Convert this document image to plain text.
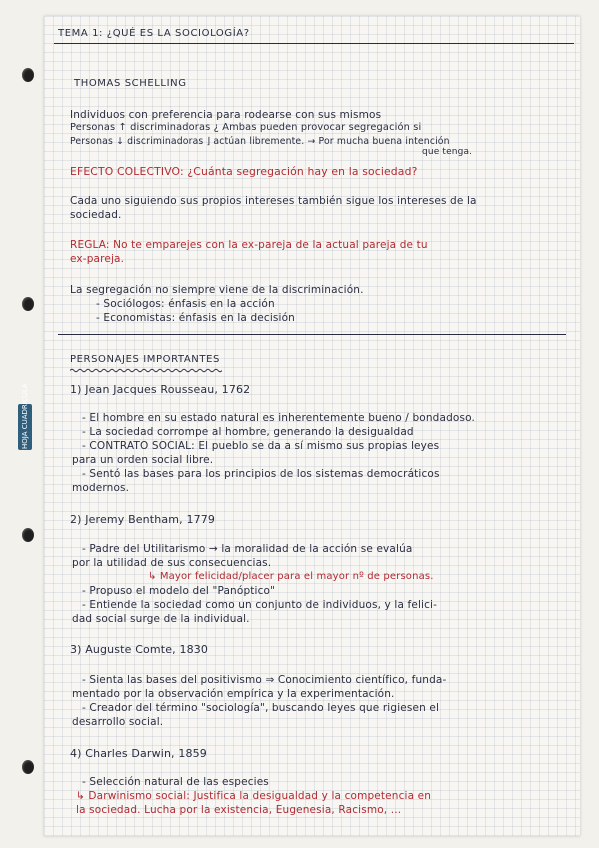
HOJA CUADRÍCULA
TEMA 1: ¿QUÉ ES LA SOCIOLOGÍA?
THOMAS SCHELLING
Individuos con preferencia para rodearse con sus mismos
Personas ↑ discriminadoras ¿ Ambas pueden provocar segregación si
Personas ↓ discriminadoras ⌋ actúan libremente. → Por mucha buena intención
que tenga.
EFECTO COLECTIVO: ¿Cuánta segregación hay en la sociedad?
Cada uno siguiendo sus propios intereses también sigue los intereses de la
sociedad.
REGLA: No te emparejes con la ex-pareja de la actual pareja de tu
ex-pareja.
La segregación no siempre viene de la discriminación.
- Sociólogos: énfasis en la acción
- Economistas: énfasis en la decisión
PERSONAJES IMPORTANTES
1) Jean Jacques Rousseau, 1762
- El hombre en su estado natural es inherentemente bueno / bondadoso.
- La sociedad corrompe al hombre, generando la desigualdad
- CONTRATO SOCIAL: El pueblo se da a sí mismo sus propias leyes
para un orden social libre.
- Sentó las bases para los principios de los sistemas democráticos
modernos.
2) Jeremy Bentham, 1779
- Padre del Utilitarismo → la moralidad de la acción se evalúa
por la utilidad de sus consecuencias.
↳ Mayor felicidad/placer para el mayor nº de personas.
- Propuso el modelo del "Panóptico"
- Entiende la sociedad como un conjunto de individuos, y la felici-
dad social surge de la individual.
3) Auguste Comte, 1830
- Sienta las bases del positivismo ⇒ Conocimiento científico, funda-
mentado por la observación empírica y la experimentación.
- Creador del término "sociología", buscando leyes que rigiesen el
desarrollo social.
4) Charles Darwin, 1859
- Selección natural de las especies
↳ Darwinismo social: Justifica la desigualdad y la competencia en
la sociedad. Lucha por la existencia, Eugenesia, Racismo, ...
